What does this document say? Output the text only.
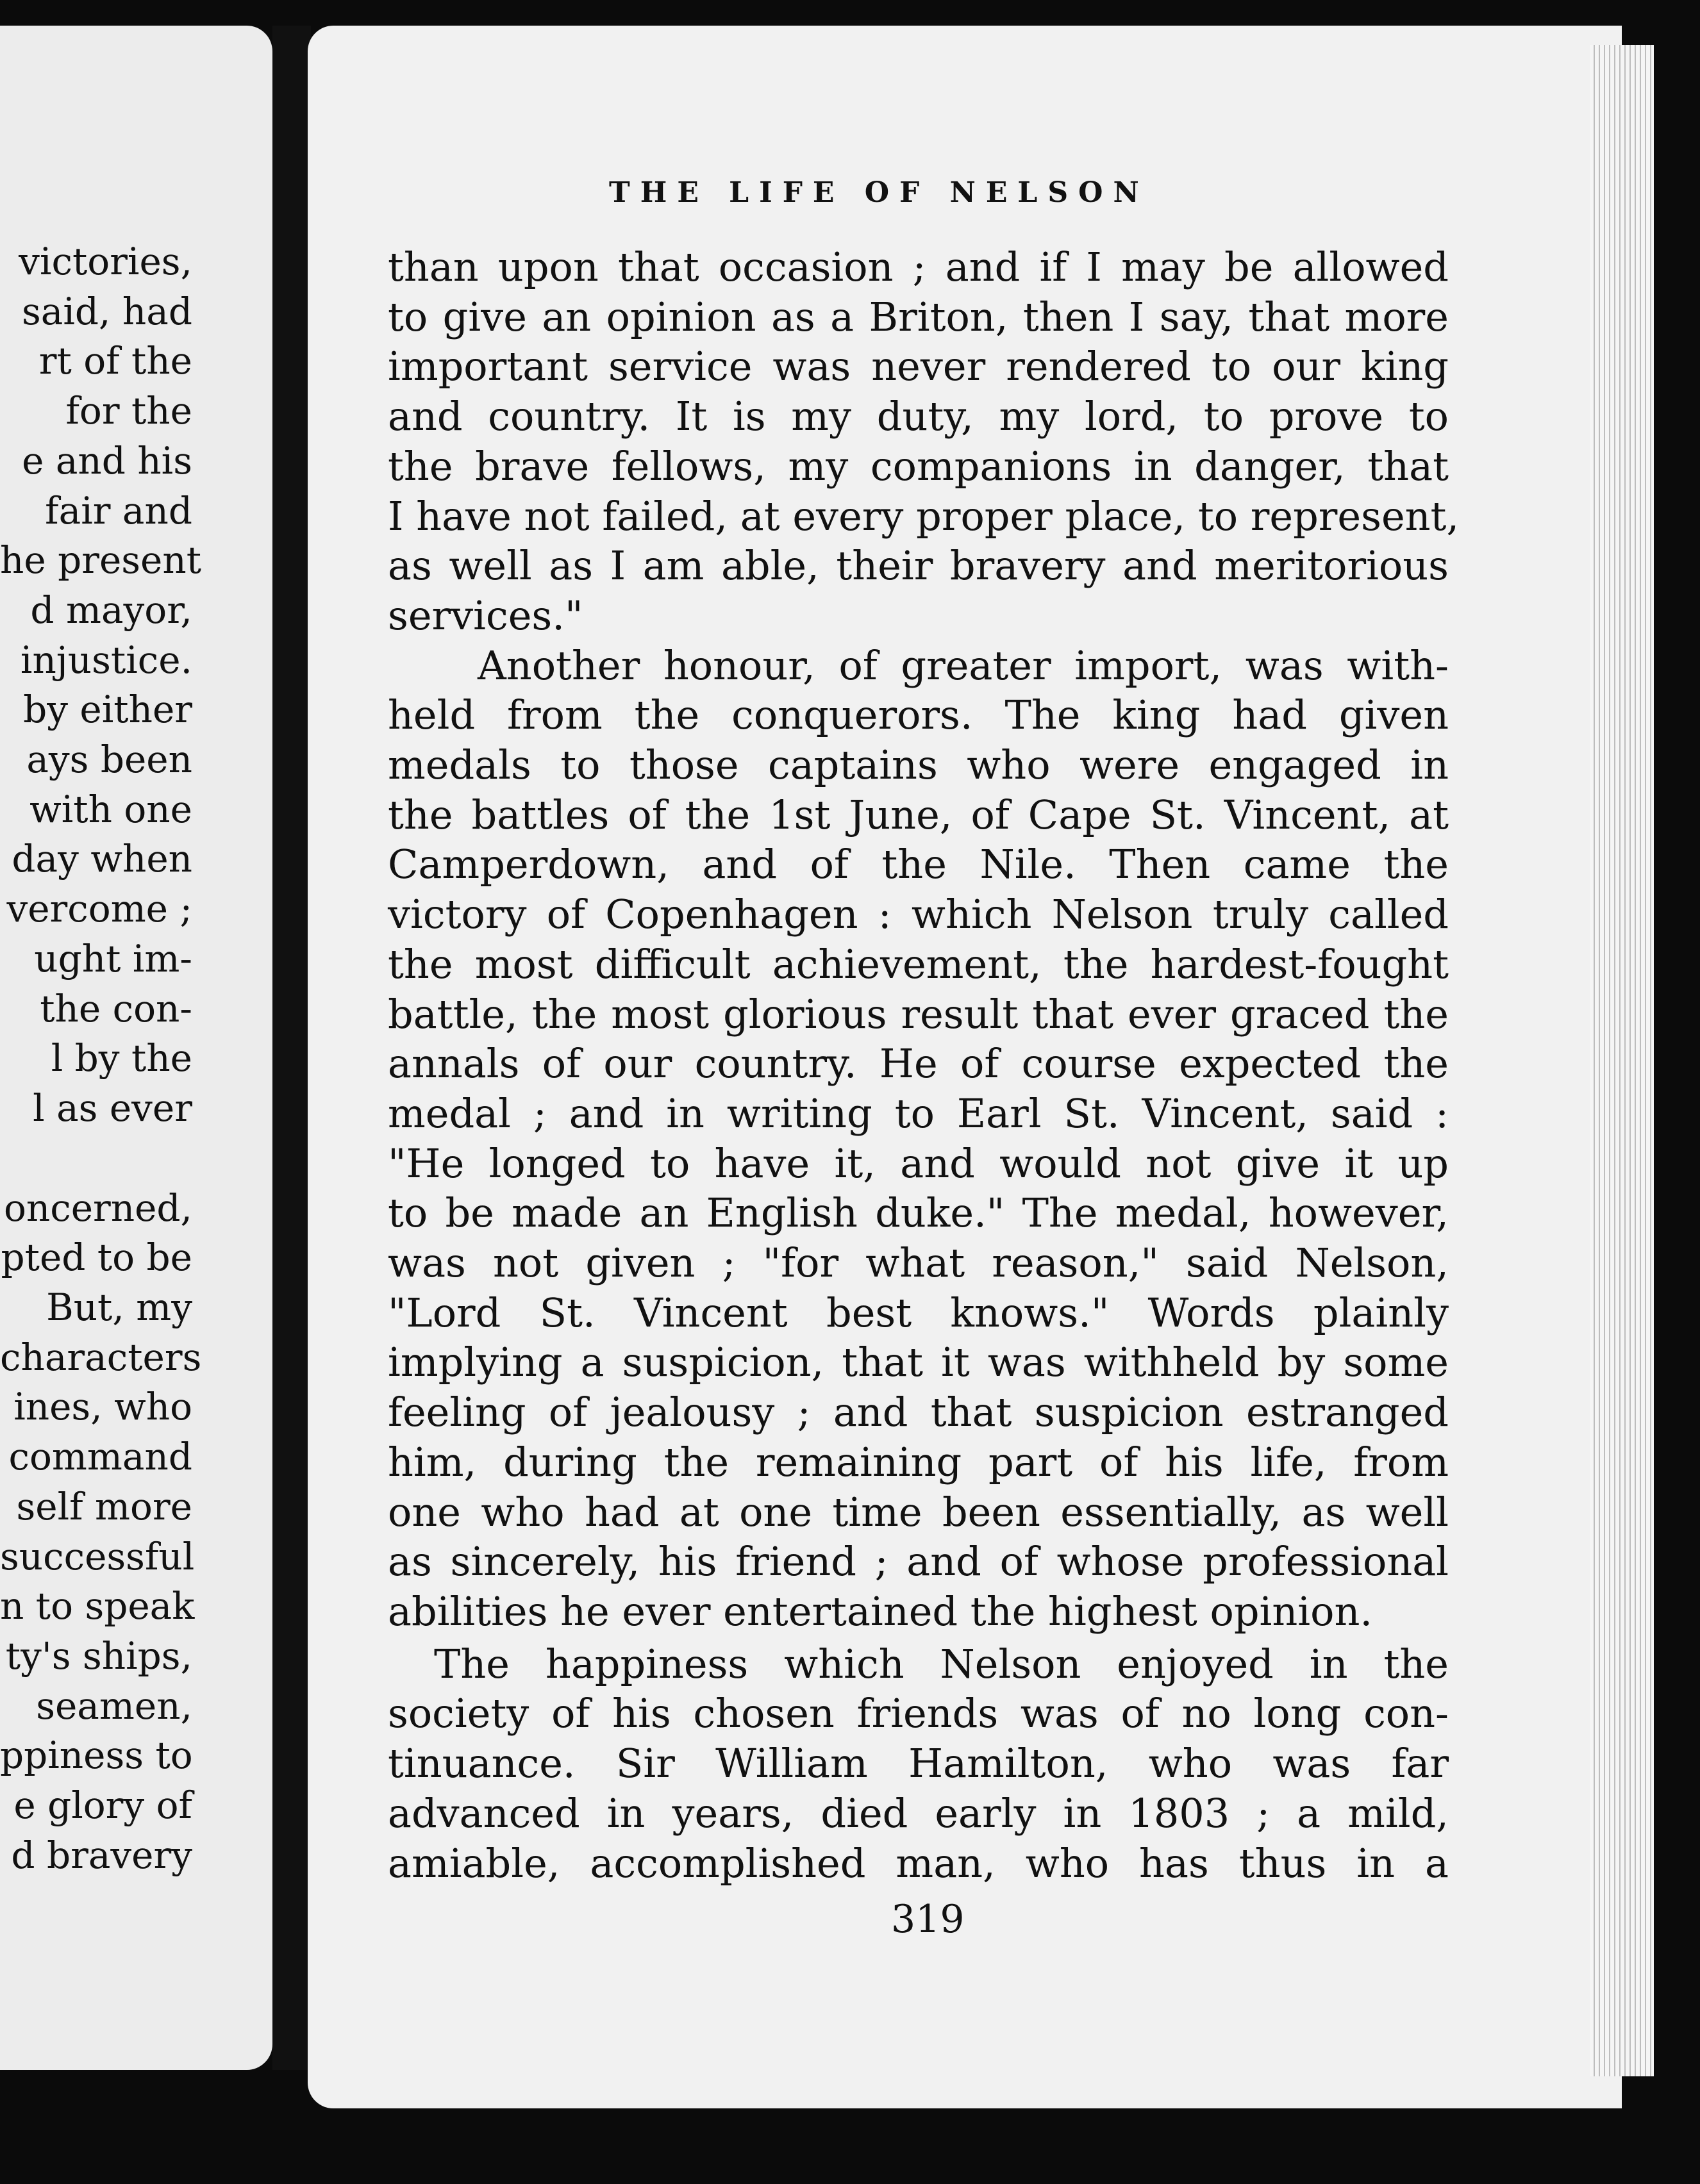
victories,
said, had
rt of the
for the
e and his
fair and
he present
d mayor,
injustice.
by either
ays been
with one
day when
vercome ;
ught im-
the con-
l by the
l as ever
oncerned,
pted to be
But, my
characters
ines, who
command
self more
successful
n to speak
ty's ships,
seamen,
ppiness to
e glory of
d bravery
THE LIFE OF NELSON
than upon that occasion ; and if I may be allowed
to give an opinion as a Briton, then I say, that more
important service was never rendered to our king
and country. It is my duty, my lord, to prove to
the brave fellows, my companions in danger, that
I have not failed, at every proper place, to represent,
as well as I am able, their bravery and meritorious
services."
Another honour, of greater import, was with-
held from the conquerors. The king had given
medals to those captains who were engaged in
the battles of the 1st June, of Cape St. Vincent, at
Camperdown, and of the Nile. Then came the
victory of Copenhagen : which Nelson truly called
the most difficult achievement, the hardest-fought
battle, the most glorious result that ever graced the
annals of our country. He of course expected the
medal ; and in writing to Earl St. Vincent, said :
"He longed to have it, and would not give it up
to be made an English duke." The medal, however,
was not given ; "for what reason," said Nelson,
"Lord St. Vincent best knows." Words plainly
implying a suspicion, that it was withheld by some
feeling of jealousy ; and that suspicion estranged
him, during the remaining part of his life, from
one who had at one time been essentially, as well
as sincerely, his friend ; and of whose professional
abilities he ever entertained the highest opinion.
The happiness which Nelson enjoyed in the
society of his chosen friends was of no long con-
tinuance. Sir William Hamilton, who was far
advanced in years, died early in 1803 ; a mild,
amiable, accomplished man, who has thus in a
319
